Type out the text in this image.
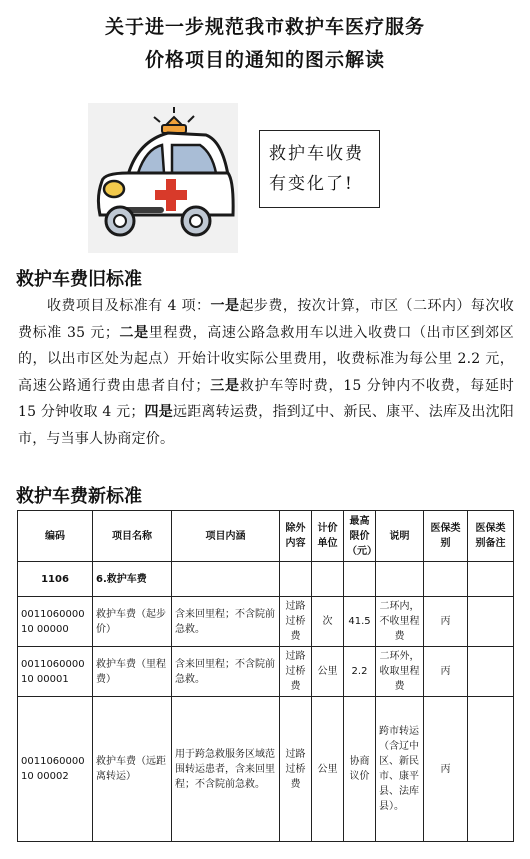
关于进一步规范我市救护车医疗服务
价格项目的通知的图示解读
救护车收费
有变化了!
救护车费旧标准
　　收费项目及标准有 4 项：一是起步费，按次计算，市区（二环内）每次收费标准 35 元；二是里程费，高速公路急救用车以进入收费口（出市区到郊区的，以出市区处为起点）开始计收实际公里费用，收费标准为每公里 2.2 元，高速公路通行费由患者自付；三是救护车等时费，15 分钟内不收费，每延时 15 分钟收取 4 元；四是远距离转运费，指到辽中、新民、康平、法库及出沈阳市，与当事人协商定价。
救护车费新标准
编码	项目名称	项目内涵	除外内容	计价单位	最高限价（元）	说明	医保类别	医保类别备注
1106	6.救护车费							
001106000010 00000	救护车费（起步价）	含来回里程；不含院前急救。	过路过桥费	次	41.5	二环内，不收里程费	丙	
001106000010 00001	救护车费（里程费）	含来回里程；不含院前急救。	过路过桥费	公里	2.2	二环外，收取里程费	丙	
001106000010 00002	救护车费（远距离转运）	用于跨急救服务区域范围转运患者，含来回里程；不含院前急救。	过路过桥费	公里	协商议价	跨市转运（含辽中区、新民市、康平县、法库县）。	丙	
